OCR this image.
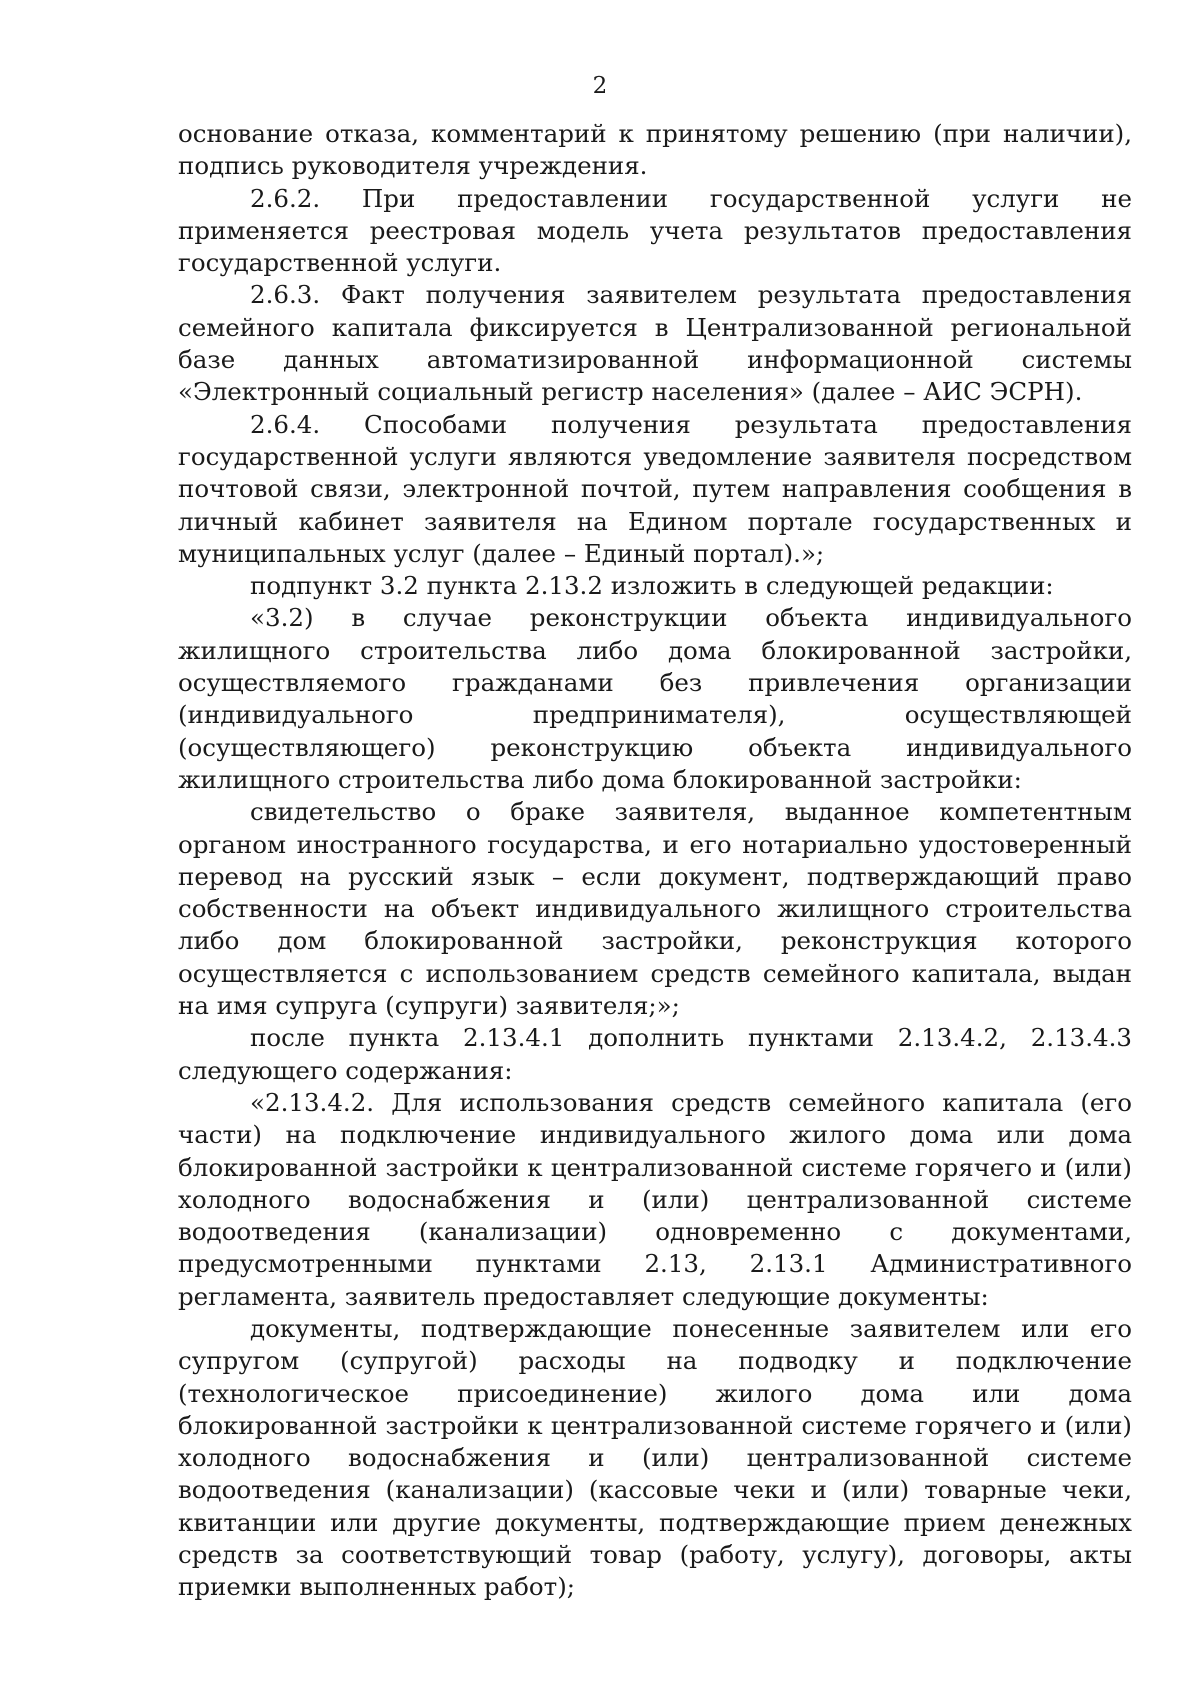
2

основание отказа, комментарий к принятому решению (при наличии), подпись руководителя учреждения.

2.6.2. При предоставлении государственной услуги не применяется реестровая модель учета результатов предоставления государственной услуги.

2.6.3. Факт получения заявителем результата предоставления семейного капитала фиксируется в Централизованной региональной базе данных автоматизированной информационной системы «Электронный социальный регистр населения» (далее – АИС ЭСРН).

2.6.4. Способами получения результата предоставления государственной услуги являются уведомление заявителя посредством почтовой связи, электронной почтой, путем направления сообщения в личный кабинет заявителя на Едином портале государственных и муниципальных услуг (далее – Единый портал).»;

подпункт 3.2 пункта 2.13.2 изложить в следующей редакции:

«3.2) в случае реконструкции объекта индивидуального жилищного строительства либо дома блокированной застройки, осуществляемого гражданами без привлечения организации (индивидуального предпринимателя), осуществляющей (осуществляющего) реконструкцию объекта индивидуального жилищного строительства либо дома блокированной застройки:

свидетельство о браке заявителя, выданное компетентным органом иностранного государства, и его нотариально удостоверенный перевод на русский язык – если документ, подтверждающий право собственности на объект индивидуального жилищного строительства либо дом блокированной застройки, реконструкция которого осуществляется с использованием средств семейного капитала, выдан на имя супруга (супруги) заявителя;»;

после пункта 2.13.4.1 дополнить пунктами 2.13.4.2, 2.13.4.3 следующего содержания:

«2.13.4.2. Для использования средств семейного капитала (его части) на подключение индивидуального жилого дома или дома блокированной застройки к централизованной системе горячего и (или) холодного водоснабжения и (или) централизованной системе водоотведения (канализации) одновременно с документами, предусмотренными пунктами 2.13, 2.13.1 Административного регламента, заявитель предоставляет следующие документы:

документы, подтверждающие понесенные заявителем или его супругом (супругой) расходы на подводку и подключение (технологическое присоединение) жилого дома или дома блокированной застройки к централизованной системе горячего и (или) холодного водоснабжения и (или) централизованной системе водоотведения (канализации) (кассовые чеки и (или) товарные чеки, квитанции или другие документы, подтверждающие прием денежных средств за соответствующий товар (работу, услугу), договоры, акты приемки выполненных работ);
